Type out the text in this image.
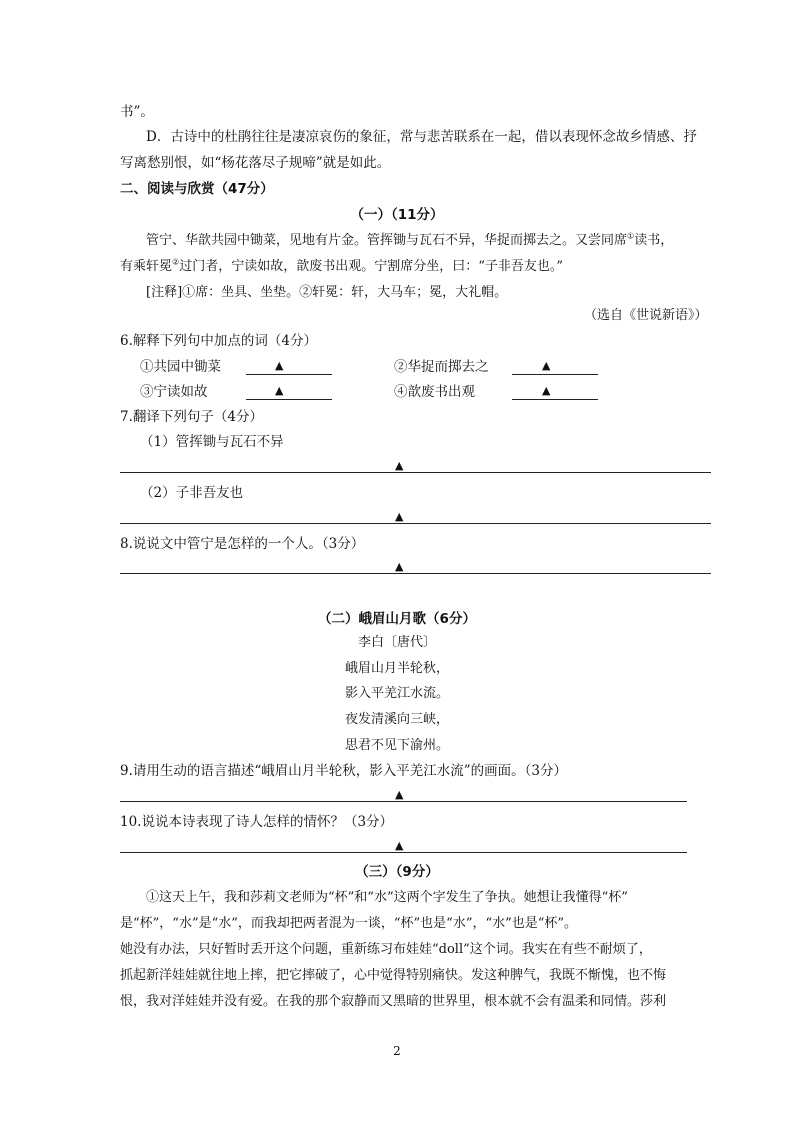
书”。
D．古诗中的杜鹃往往是凄凉哀伤的象征，常与悲苦联系在一起，借以表现怀念故乡情感、抒
写离愁别恨，如“杨花落尽子规啼”就是如此。
二、阅读与欣赏（47分）
（一）（11分）
管宁、华歆共园中锄菜，见地有片金。管挥锄与瓦石不异，华捉而掷去之。又尝同席①读书，
有乘轩冕②过门者，宁读如故，歆废书出观。宁割席分坐，曰：“子非吾友也。”
[注释]①席：坐具、坐垫。②轩冕：轩，大马车；冕，大礼帽。
（选自《世说新语》）
6.解释下列句中加点的词（4分）
①共园中锄菜	▲	②华捉而掷去之	▲
③宁读如故	▲	④歆废书出观	▲
7.翻译下列句子（4分）
（1）管挥锄与瓦石不异
▲
（2）子非吾友也
▲
8.说说文中管宁是怎样的一个人。（3分）
▲
（二）峨眉山月歌（6分）
李白〔唐代〕
峨眉山月半轮秋，
影入平羌江水流。
夜发清溪向三峡，
思君不见下渝州。
9.请用生动的语言描述“峨眉山月半轮秋，影入平羌江水流”的画面。（3分）
▲
10.说说本诗表现了诗人怎样的情怀？（3分）
▲
（三）（9分）
①这天上午，我和莎莉文老师为“杯”和“水”这两个字发生了争执。她想让我懂得“杯”
是“杯”，“水”是“水”，而我却把两者混为一谈，“杯”也是“水”，“水”也是“杯”。
她没有办法，只好暂时丢开这个问题，重新练习布娃娃“doll”这个词。我实在有些不耐烦了，
抓起新洋娃娃就往地上摔，把它摔破了，心中觉得特别痛快。发这种脾气，我既不惭愧，也不悔
恨，我对洋娃娃并没有爱。在我的那个寂静而又黑暗的世界里，根本就不会有温柔和同情。莎利
2
